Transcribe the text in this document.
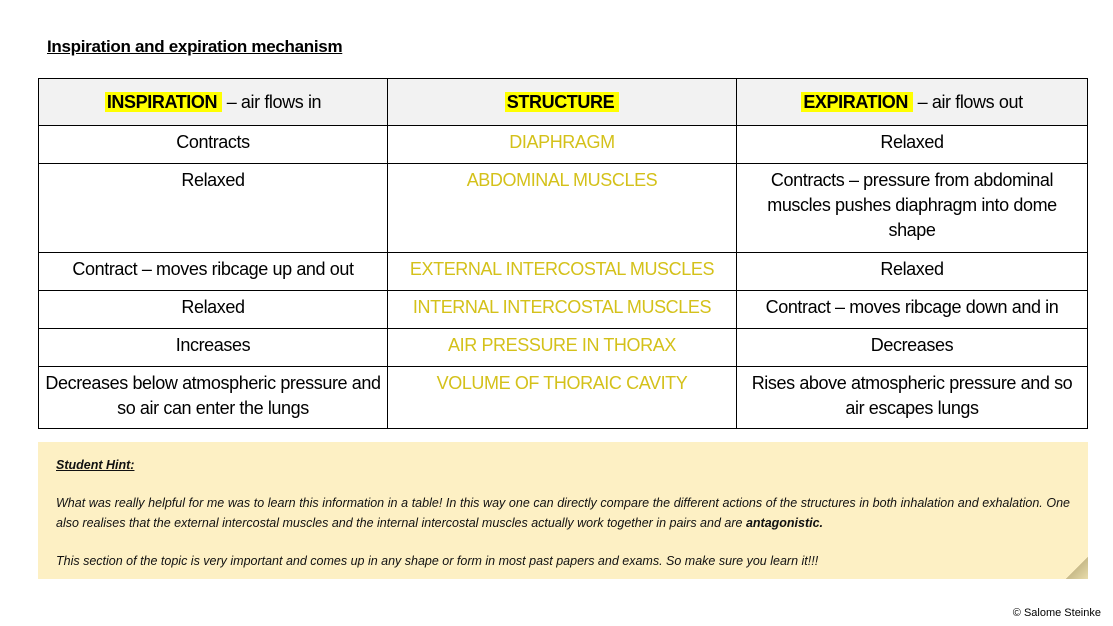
Inspiration and expiration mechanism
INSPIRATION – air flows in	STRUCTURE	EXPIRATION – air flows out
Contracts	DIAPHRAGM	Relaxed
Relaxed	ABDOMINAL MUSCLES	Contracts – pressure from abdominal muscles pushes diaphragm into dome shape
Contract – moves ribcage up and out	EXTERNAL INTERCOSTAL MUSCLES	Relaxed
Relaxed	INTERNAL INTERCOSTAL MUSCLES	Contract – moves ribcage down and in
Increases	AIR PRESSURE IN THORAX	Decreases
Decreases below atmospheric pressure and so air can enter the lungs	VOLUME OF THORAIC CAVITY	Rises above atmospheric pressure and so air escapes lungs
Student Hint:

What was really helpful for me was to learn this information in a table! In this way one can directly compare the different actions of the structures in both inhalation and exhalation. One also realises that the external intercostal muscles and the internal intercostal muscles actually work together in pairs and are antagonistic.

This section of the topic is very important and comes up in any shape or form in most past papers and exams. So make sure you learn it!!!

© Salome Steinke
